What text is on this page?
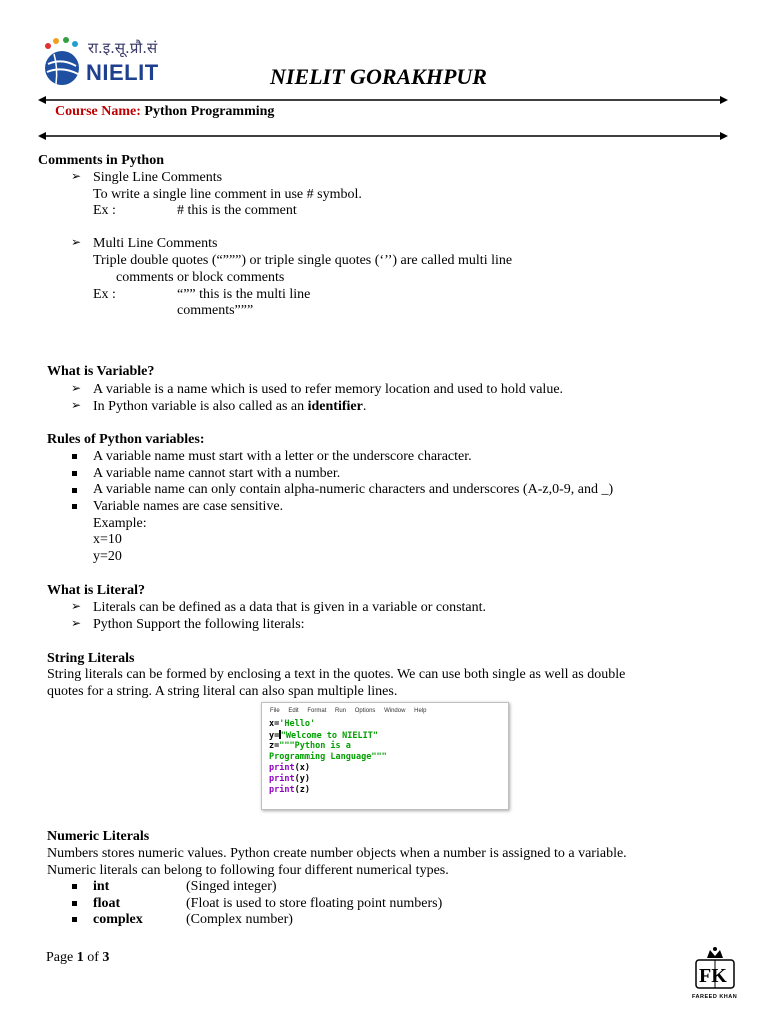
रा.इ.सू.प्रौ.सं
NIELIT	NIELIT GORAKHPUR
Course Name: Python Programming
Comments in Python
➢ Single Line Comments
To write a single line comment in use # symbol.
Ex :	# this is the comment
➢ Multi Line Comments
Triple double quotes (“”””) or triple single quotes (‘’’) are called multi line
comments or block comments
Ex :	“”” this is the multi line
comments”””
What is Variable?
➢ A variable is a name which is used to refer memory location and used to hold value.
➢ In Python variable is also called as an identifier.
Rules of Python variables:
A variable name must start with a letter or the underscore character.
A variable name cannot start with a number.
A variable name can only contain alpha-numeric characters and underscores (A-z,0-9, and _)
Variable names are case sensitive.
Example:
x=10
y=20
What is Literal?
➢ Literals can be defined as a data that is given in a variable or constant.
➢ Python Support the following literals:
String Literals
String literals can be formed by enclosing a text in the quotes. We can use both single as well as double
quotes for a string. A string literal can also span multiple lines.
File Edit Format Run Options Window Help
x='Hello'
y= "Welcome to NIELIT"
z="""Python is a
Programming Language"""
print(x)
print(y)
print(z)
Numeric Literals
Numbers stores numeric values. Python create number objects when a number is assigned to a variable.
Numeric literals can belong to following four different numerical types.
int	(Singed integer)
float	(Float is used to store floating point numbers)
complex	(Complex number)
Page 1 of 3
FK
FAREED KHAN
